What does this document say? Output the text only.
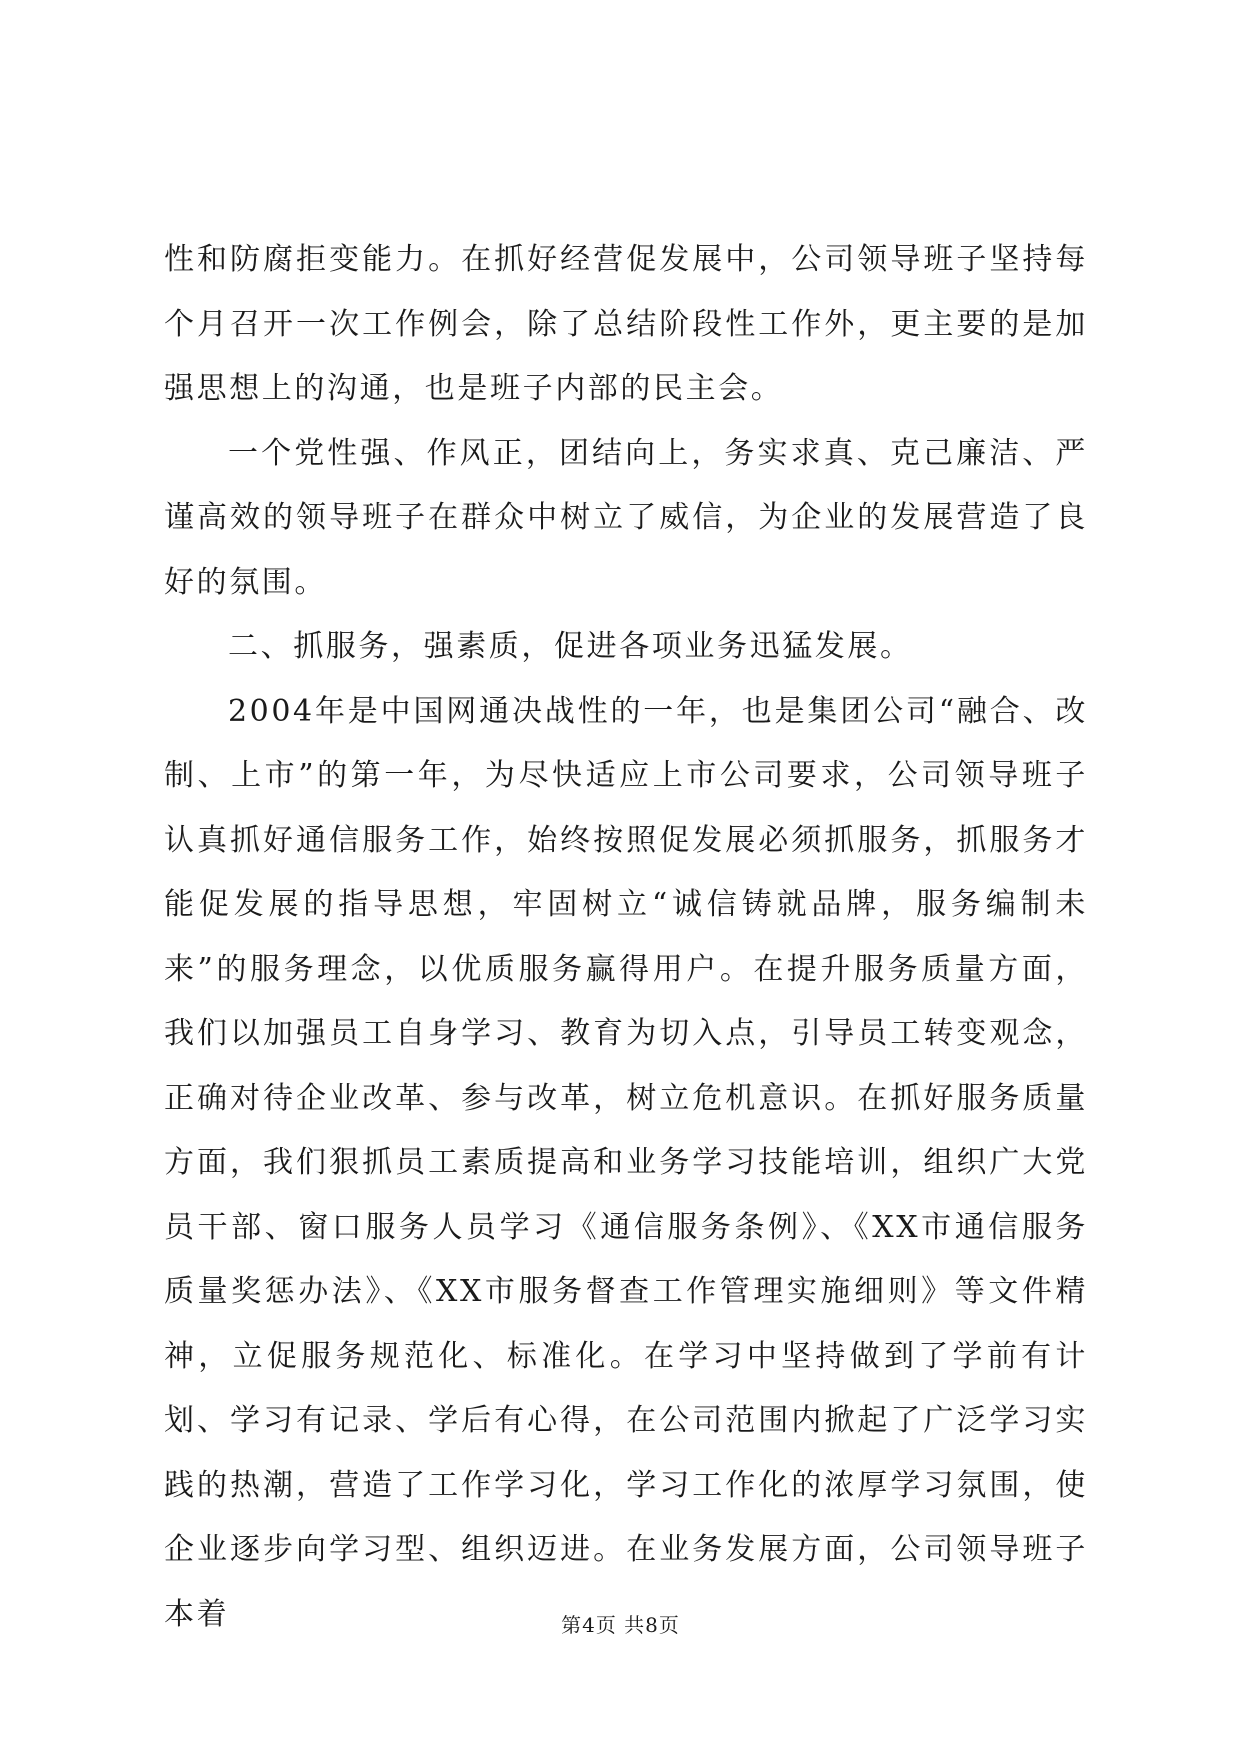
性和防腐拒变能力。在抓好经营促发展中，公司领导班子坚持每个月召开一次工作例会，除了总结阶段性工作外，更主要的是加强思想上的沟通，也是班子内部的民主会。

一个党性强、作风正，团结向上，务实求真、克己廉洁、严谨高效的领导班子在群众中树立了威信，为企业的发展营造了良好的氛围。

二、抓服务，强素质，促进各项业务迅猛发展。

2004年是中国网通决战性的一年，也是集团公司“融合、改制、上市”的第一年，为尽快适应上市公司要求，公司领导班子认真抓好通信服务工作，始终按照促发展必须抓服务，抓服务才能促发展的指导思想，牢固树立“诚信铸就品牌，服务编制未来”的服务理念，以优质服务赢得用户。在提升服务质量方面，我们以加强员工自身学习、教育为切入点，引导员工转变观念，正确对待企业改革、参与改革，树立危机意识。在抓好服务质量方面，我们狠抓员工素质提高和业务学习技能培训，组织广大党员干部、窗口服务人员学习《通信服务条例》、《XX市通信服务质量奖惩办法》、《XX市服务督查工作管理实施细则》等文件精神，立促服务规范化、标准化。在学习中坚持做到了学前有计划、学习有记录、学后有心得，在公司范围内掀起了广泛学习实践的热潮，营造了工作学习化，学习工作化的浓厚学习氛围，使企业逐步向学习型、组织迈进。在业务发展方面，公司领导班子本着	第4页 共8页
